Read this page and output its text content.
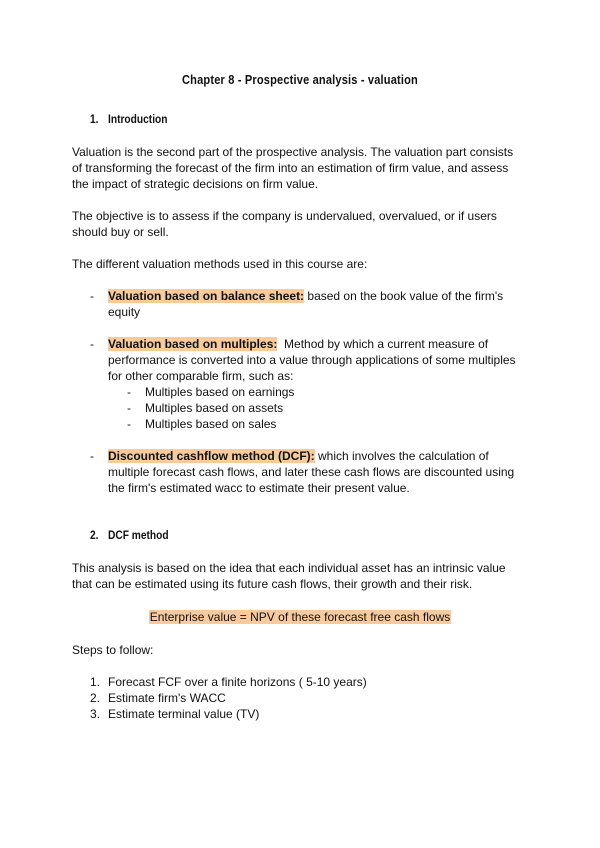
Chapter 8 - Prospective analysis - valuation
1. Introduction
Valuation is the second part of the prospective analysis. The valuation part consists
of transforming the forecast of the firm into an estimation of firm value, and assess
the impact of strategic decisions on firm value.
The objective is to assess if the company is undervalued, overvalued, or if users
should buy or sell.
The different valuation methods used in this course are:
- Valuation based on balance sheet: based on the book value of the firm's
equity
- Valuation based on multiples:  Method by which a current measure of
performance is converted into a value through applications of some multiples
for other comparable firm, such as:
- Multiples based on earnings
- Multiples based on assets
- Multiples based on sales
- Discounted cashflow method (DCF): which involves the calculation of
multiple forecast cash flows, and later these cash flows are discounted using
the firm's estimated wacc to estimate their present value.
2. DCF method
This analysis is based on the idea that each individual asset has an intrinsic value
that can be estimated using its future cash flows, their growth and their risk.
Enterprise value = NPV of these forecast free cash flows
Steps to follow:
1. Forecast FCF over a finite horizons ( 5-10 years)
2. Estimate firm's WACC
3. Estimate terminal value (TV)
